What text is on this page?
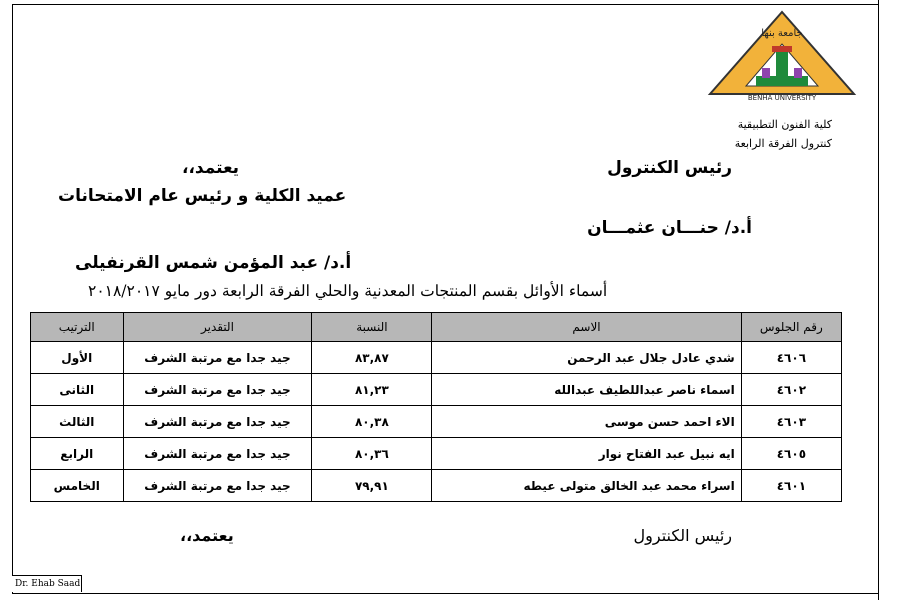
BENHA UNIVERSITY
جامعة بنها
كلية الفنون التطبيقية
كنترول الفرقة الرابعة
رئيس الكنترول
يعتمد،،
عميد الكلية و رئيس عام الامتحانات
أ.د/ حنـــان عثمـــان
أ.د/ عبد المؤمن شمس القرنفيلى
أسماء الأوائل بقسم المنتجات المعدنية والحلي الفرقة الرابعة دور مايو ٢٠١٨/٢٠١٧
رقم الجلوس	الاسم	النسبة	التقدير	الترتيب
٤٦٠٦	شدي عادل جلال عبد الرحمن	٨٣,٨٧	جيد جدا مع مرتبة الشرف	الأول
٤٦٠٢	اسماء ناصر عبداللطيف عبدالله	٨١,٢٣	جيد جدا مع مرتبة الشرف	الثانى
٤٦٠٣	الاء احمد حسن موسى	٨٠,٣٨	جيد جدا مع مرتبة الشرف	الثالث
٤٦٠٥	ايه نبيل عبد الفتاح نوار	٨٠,٣٦	جيد جدا مع مرتبة الشرف	الرابع
٤٦٠١	اسراء محمد عبد الخالق متولى عيطه	٧٩,٩١	جيد جدا مع مرتبة الشرف	الخامس
رئيس الكنترول
يعتمد،،
Dr. Ehab Saad
